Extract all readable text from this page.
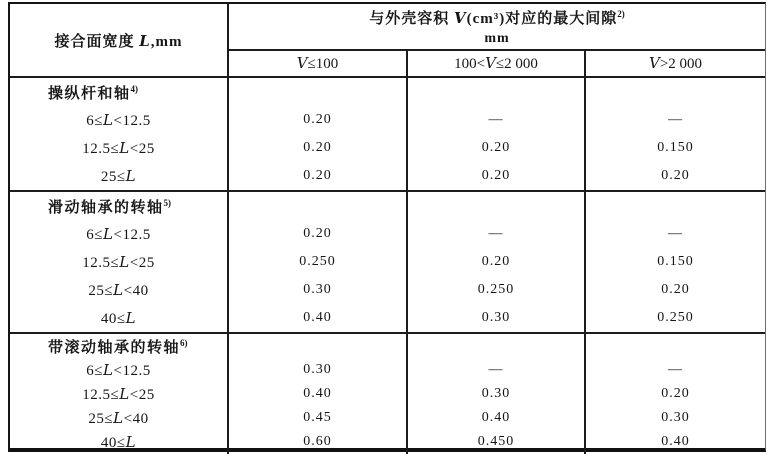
接合面宽度 L,mm	与外壳容积 V(cm³)对应的最大间隙$^{2)}$
mm		

	V≤100	100<V≤2 000	V>2 000
操纵杆和轴$^{4)}$			
6≤L<12.5	0.20	—	—
12.5≤L<25	0.20	0.20	0.150
25≤L	0.20	0.20	0.20
滑动轴承的转轴$^{5)}$			
6≤L<12.5	0.20	—	—
12.5≤L<25	0.250	0.20	0.150
25≤L<40	0.30	0.250	0.20
40≤L	0.40	0.30	0.250
带滚动轴承的转轴$^{6)}$			
6≤L<12.5	0.30	—	—
12.5≤L<25	0.40	0.30	0.20
25≤L<40	0.45	0.40	0.30
40≤L	0.60	0.450	0.40
